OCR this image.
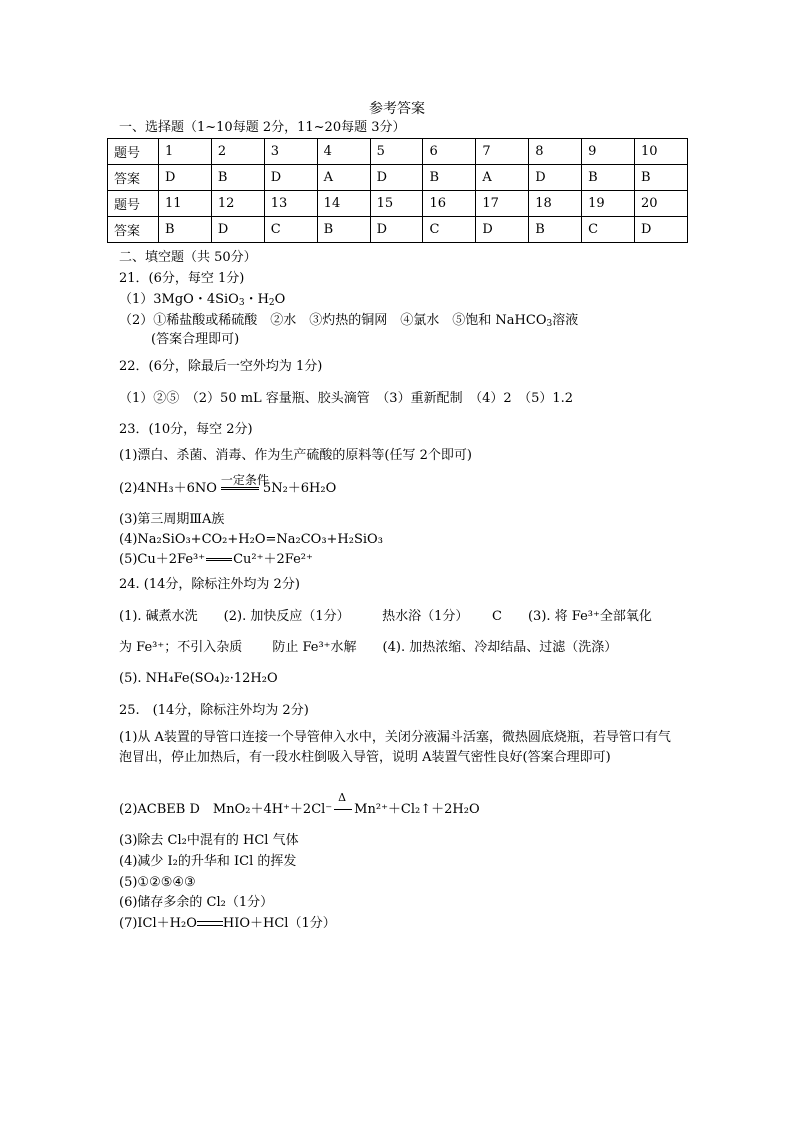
参考答案
一、选择题（1~10每题 2分，11~20每题 3分）
题号	1	2	3	4	5	6	7	8	9	10
答案	D	B	D	A	D	B	A	D	B	B
题号	11	12	13	14	15	16	17	18	19	20
答案	B	D	C	B	D	C	D	B	C	D
二、填空题（共 50分）
21．(6分，每空 1分)
（1）3MgO・4SiO$_3$・$H_2O$
（2）①稀盐酸或稀硫酸　②水　③灼热的铜网　④氯水　⑤饱和 NaHCO$_3$溶液
(答案合理即可)
22．(6分，除最后一空外均为 1分)
（1）②⑤　（2）50 mL 容量瓶、胶头滴管　（3）重新配制　（4）2　（5）1.2
23．(10分，每空 2分)
(1)漂白、杀菌、消毒、作为生产硫酸的原料等(任写 2个即可)
(2)4NH₃＋6NO
一定条件
5N₂＋6H₂O
(3)第三周期ⅢA族
(4)Na₂SiO₃+CO₂+H₂O=Na₂CO₃+H₂SiO₃
(5)Cu＋2Fe³⁺ Cu²⁺＋2Fe²⁺
24. (14分，除标注外均为 2分)
(1). 碱煮水洗　　(2). 加快反应（1分）　　　热水浴（1分）　　 C　　(3). 将 Fe³⁺全部氧化
为 Fe³⁺；不引入杂质　　 防止 Fe³⁺水解　　(4). 加热浓缩、冷却结晶、过滤（洗涤）
(5). NH₄Fe(SO₄)₂·12H₂O
25.　(14分，除标注外均为 2分)
(1)从 A装置的导管口连接一个导管伸入水中，关闭分液漏斗活塞，微热圆底烧瓶，若导管口有气泡冒出，停止加热后，有一段水柱倒吸入导管，说明 A装置气密性良好(答案合理即可)
(2)ACBEB D　MnO₂＋4H⁺＋2Cl⁻
Δ
Mn²⁺＋Cl₂↑＋2H₂O
(3)除去 Cl₂中混有的 HCl 气体
(4)减少 I₂的升华和 ICl 的挥发
(5)①②⑤④③
(6)储存多余的 Cl₂（1分）
(7)ICl＋H₂O HIO＋HCl（1分）
